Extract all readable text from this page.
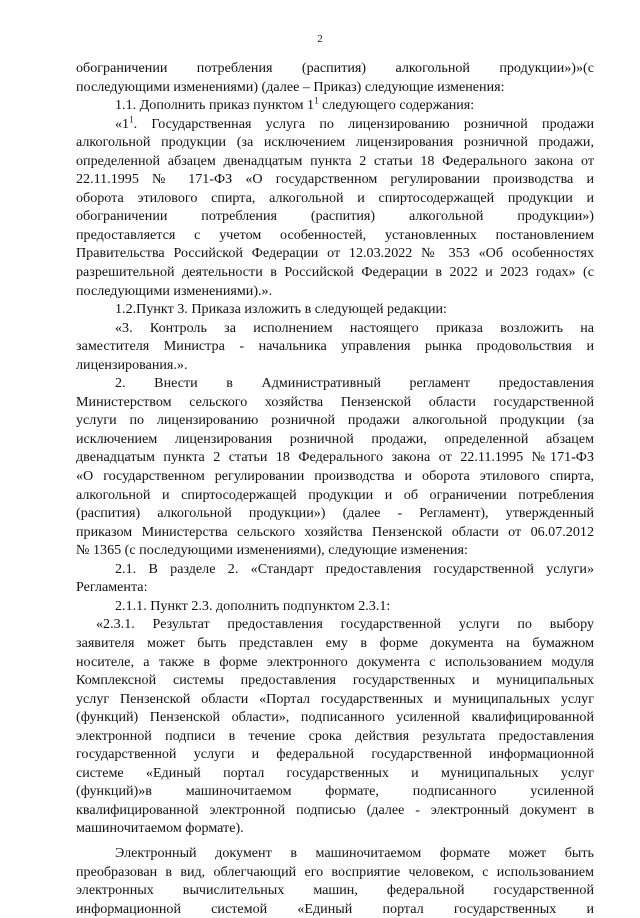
2
обограничении потребления (распития) алкогольной продукции»)»(с
последующими изменениями) (далее – Приказ) следующие изменения:
1.1. Дополнить приказ пунктом $1^1$ следующего содержания:
«$1^1$. Государственная услуга по лицензированию розничной продажи
алкогольной продукции (за исключением лицензирования розничной продажи,
определенной абзацем двенадцатым пункта 2 статьи 18 Федерального закона от
22.11.1995 № 171-ФЗ «О государственном регулировании производства и
оборота этилового спирта, алкогольной и спиртосодержащей продукции и
обограничении потребления (распития) алкогольной продукции»)
предоставляется с учетом особенностей, установленных постановлением
Правительства Российской Федерации от 12.03.2022 № 353 «Об особенностях
разрешительной деятельности в Российской Федерации в 2022 и 2023 годах» (с
последующими изменениями).».
1.2.Пункт 3. Приказа изложить в следующей редакции:
«3. Контроль за исполнением настоящего приказа возложить на
заместителя Министра - начальника управления рынка продовольствия и
лицензирования.».
2. Внести в Административный регламент предоставления
Министерством сельского хозяйства Пензенской области государственной
услуги по лицензированию розничной продажи алкогольной продукции (за
исключением лицензирования розничной продажи, определенной абзацем
двенадцатым пункта 2 статьи 18 Федерального закона от 22.11.1995 №171-ФЗ
«О государственном регулировании производства и оборота этилового спирта,
алкогольной и спиртосодержащей продукции и об ограничении потребления
(распития) алкогольной продукции») (далее - Регламент), утвержденный
приказом Министерства сельского хозяйства Пензенской области от 06.07.2012
№ 1365 (с последующими изменениями), следующие изменения:
2.1. В разделе 2. «Стандарт предоставления государственной услуги»
Регламента:
2.1.1. Пункт 2.3. дополнить подпунктом 2.3.1:
«2.3.1. Результат предоставления государственной услуги по выбору
заявителя может быть представлен ему в форме документа на бумажном
носителе, а также в форме электронного документа с использованием модуля
Комплексной системы предоставления государственных и муниципальных
услуг Пензенской области «Портал государственных и муниципальных услуг
(функций) Пензенской области», подписанного усиленной квалифицированной
электронной подписи в течение срока действия результата предоставления
государственной услуги и федеральной государственной информационной
системе «Единый портал государственных и муниципальных услуг
(функций)»в машиночитаемом формате, подписанного усиленной
квалифицированной электронной подписью (далее - электронный документ в
машиночитаемом формате).
Электронный документ в машиночитаемом формате может быть
преобразован в вид, облегчающий его восприятие человеком, с использованием
электронных вычислительных машин, федеральной государственной
информационной системой «Единый портал государственных и
